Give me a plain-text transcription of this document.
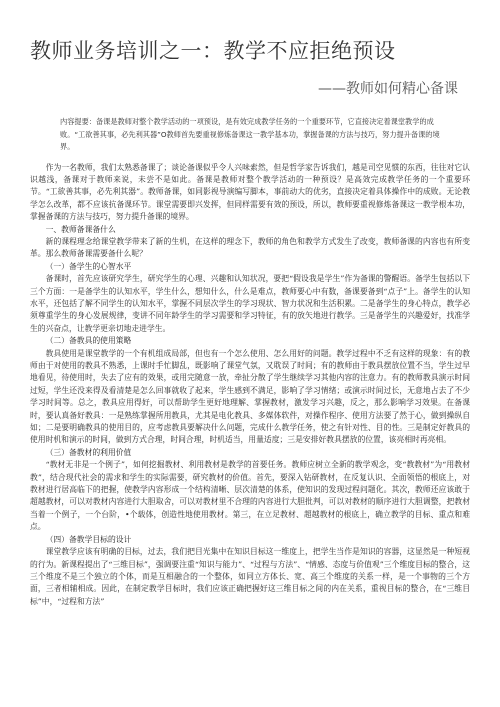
教师业务培训之一：教学不应拒绝预设
——教师如何精心备课
内容提要：备课是教师对整个教学活动的一项预设，是有效完成教学任务的一个重要环节，它直接决定着课堂教学的成败。“工欲善其事，必先利其器”O教师首先要重视修炼备课这一教学基本功，掌握备课的方法与技巧，努力提升备课的境界。

作为一名教师，我们太熟悉备课了；谈论备课似乎令人兴味索然，但是哲学家告诉我们，越是司空见惯的东西，往往对它认识越浅，备课对于教师来说，未尝不是如此。备课是教师对整个教学活动的一种预设？是高效完成教学任务的一个重要环节。“工欲善其事，必先利其器”。教师备课，如同影视导演编写脚本，事前动大的优劣，直接决定着具体操作中的成败。无论教学怎么改革，都不应该抗备课环节。课堂需要即兴发挥，但同样需要有效的预设，所以，教师要重视修炼备课这一教学根本功，掌握备课的方法与技巧，努力提升备课的境界。

一、教师备课备什么

新的课程理念给课堂教学带来了新的生机，在这样的理念下，教师的角色和教学方式发生了改变，教师备课的内容也有所变革。那么教师备课需要备什么呢？

（一）备学生的心智水平

备课时，首先应该研究学生，研究学生的心理、兴趣和认知状况，要把“假设我是学生”作为备课的警醒语。备学生包括以下三个方面：一是备学生的认知水平，学生什么，想知什么，什么是难点，教师要心中有数，备课要备到“点子”上。备学生的认知水平，还包括了解不同学生的认知水平，掌握不同层次学生的学习现状、智力状况和生活积累。二是备学生的身心特点，教学必须尊重学生的身心发展规律，变讲不同年龄学生的学习需要和学习特征，有的放矢地进行教学。三是备学生的兴趣爱好，找准学生的兴奋点，让教学更亲切地走进学生。

（二）备教具的使用策略

教具使用是课堂教学的一个有机组成局部，但也有一个怎么使用、怎么用好的问题。教学过程中不乏有这样的现象：有的教师由于对使用的教具不熟悉，上课时手忙脚乱，既影响了课堂气氛，又耽误了时间；有的教师由于教具摆放位置不当，学生过早地看见，待使用时，失去了应有的效果，或用完随意一放，牵扯分散了学生继续学习其他内容的注意力。有的教师教具演示时间过短，学生还没来得及看清楚是怎么回事就收了起来，学生感到不满足，影响了学习情绪；或演示时间过长，无意地占去了不少学习时间等。总之，教具应用得好，可以帮助学生更好地理解、掌握教材，激发学习兴趣，反之，那么影响学习效果。在备课时，要认真备好教具：一是熟练掌握所用教具，尤其是电化教具、多媒体软件，对操作程序、使用方法要了然于心，做到操纵自如；二是要明确教具的使用目的，应考虑教具要解决什么问题，完成什么教学任务，使之有针对性、目的性。三是制定好教具的使用时机和演示的时间，做到方式合理，时间合理，时机适当，用量适度；三是安排好教具摆放的位置，该亮相时再亮相。

（三）备教材的利用价值

“教材无非是一个例子”，如何挖掘教材、利用教材是教学的首要任务。教师应树立全新的教学观念，变“教教材”为“用教材教”，结合现代社会的需求和学生的实际需要，研究教材的价值。首先，要深入钻研教材，在反复认识、全面领悟的根底上，对教材进行居高临下的把握，使教学内容形成一个结构清晰、层次清楚的体系，使知识的发现过程问题化。其次，教师还应该敢于超越教材，可以对教材内容进行大胆取舍，可以对教材里不合理的内容进行大胆批判，可以对教材的顺序进行大胆调整，把教材当着一个例子，一个台阶，•个载体，创造性地使用教材。第三，在立足教材、超越教材的根底上，确立教学的目标、重点和难点。

（四）备教学目标的设计

课堂教学应该有明确的目标，过去，我们把目光集中在知识目标这一维度上，把学生当作是知识的容器，这显然是一种短视的行为。新课程提出了“三维目标”，强调要注重“知识与能力”、“过程与方法”、“情感、态度与价值观”三个维度目标的整合，这三个维度不是三个独立的个体，而是互相融合的一个整体，如同立方体长、宽、高三个维度的关系一样，是一个事物的三个方面，三者相辅相成。因此，在制定教学目标时，我们应该正确把握好这三维目标之间的内在关系，重视目标的整合，在“三维目标”中，“过程和方法”
